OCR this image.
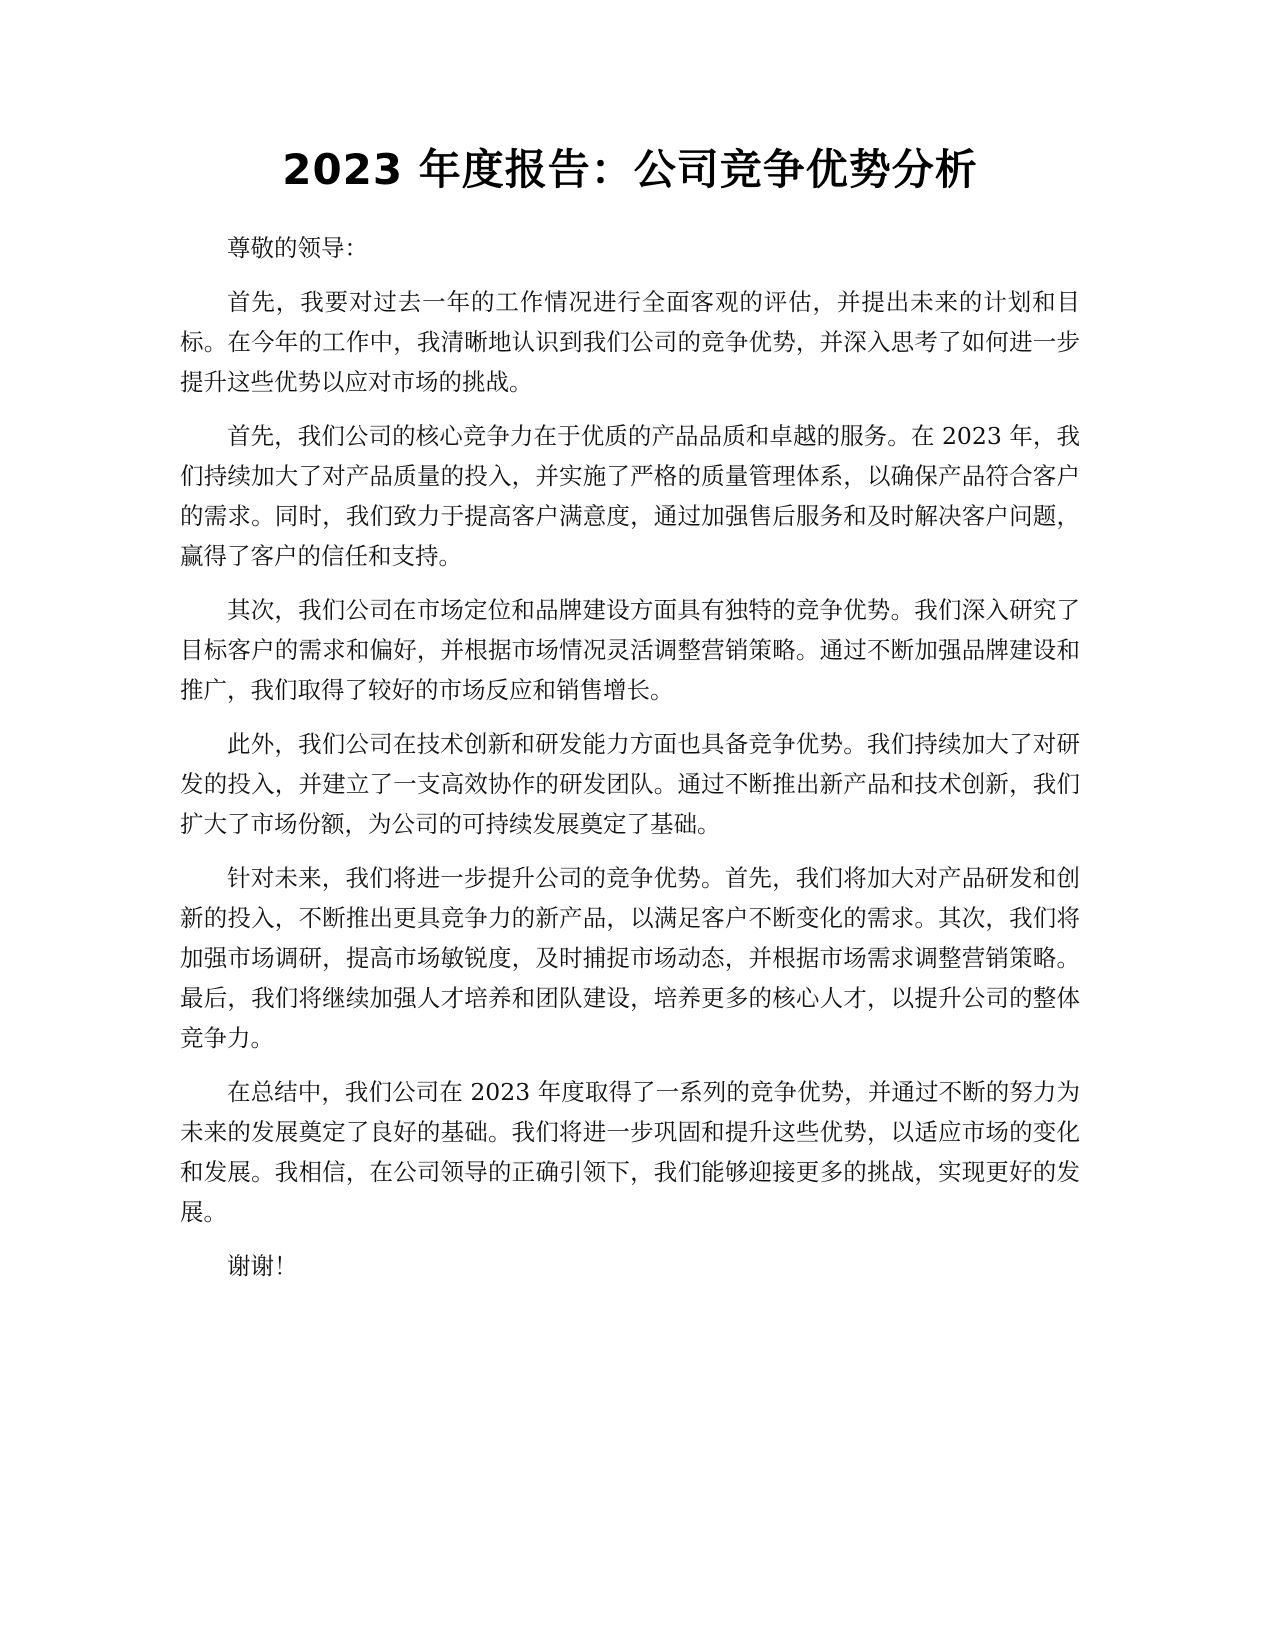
2023 年度报告：公司竞争优势分析

尊敬的领导：

首先，我要对过去一年的工作情况进行全面客观的评估，并提出未来的计划和目标。在今年的工作中，我清晰地认识到我们公司的竞争优势，并深入思考了如何进一步提升这些优势以应对市场的挑战。

首先，我们公司的核心竞争力在于优质的产品品质和卓越的服务。在 2023 年，我们持续加大了对产品质量的投入，并实施了严格的质量管理体系，以确保产品符合客户的需求。同时，我们致力于提高客户满意度，通过加强售后服务和及时解决客户问题，赢得了客户的信任和支持。

其次，我们公司在市场定位和品牌建设方面具有独特的竞争优势。我们深入研究了目标客户的需求和偏好，并根据市场情况灵活调整营销策略。通过不断加强品牌建设和推广，我们取得了较好的市场反应和销售增长。

此外，我们公司在技术创新和研发能力方面也具备竞争优势。我们持续加大了对研发的投入，并建立了一支高效协作的研发团队。通过不断推出新产品和技术创新，我们扩大了市场份额，为公司的可持续发展奠定了基础。

针对未来，我们将进一步提升公司的竞争优势。首先，我们将加大对产品研发和创新的投入，不断推出更具竞争力的新产品，以满足客户不断变化的需求。其次，我们将加强市场调研，提高市场敏锐度，及时捕捉市场动态，并根据市场需求调整营销策略。最后，我们将继续加强人才培养和团队建设，培养更多的核心人才，以提升公司的整体竞争力。

在总结中，我们公司在 2023 年度取得了一系列的竞争优势，并通过不断的努力为未来的发展奠定了良好的基础。我们将进一步巩固和提升这些优势，以适应市场的变化和发展。我相信，在公司领导的正确引领下，我们能够迎接更多的挑战，实现更好的发展。

谢谢！
